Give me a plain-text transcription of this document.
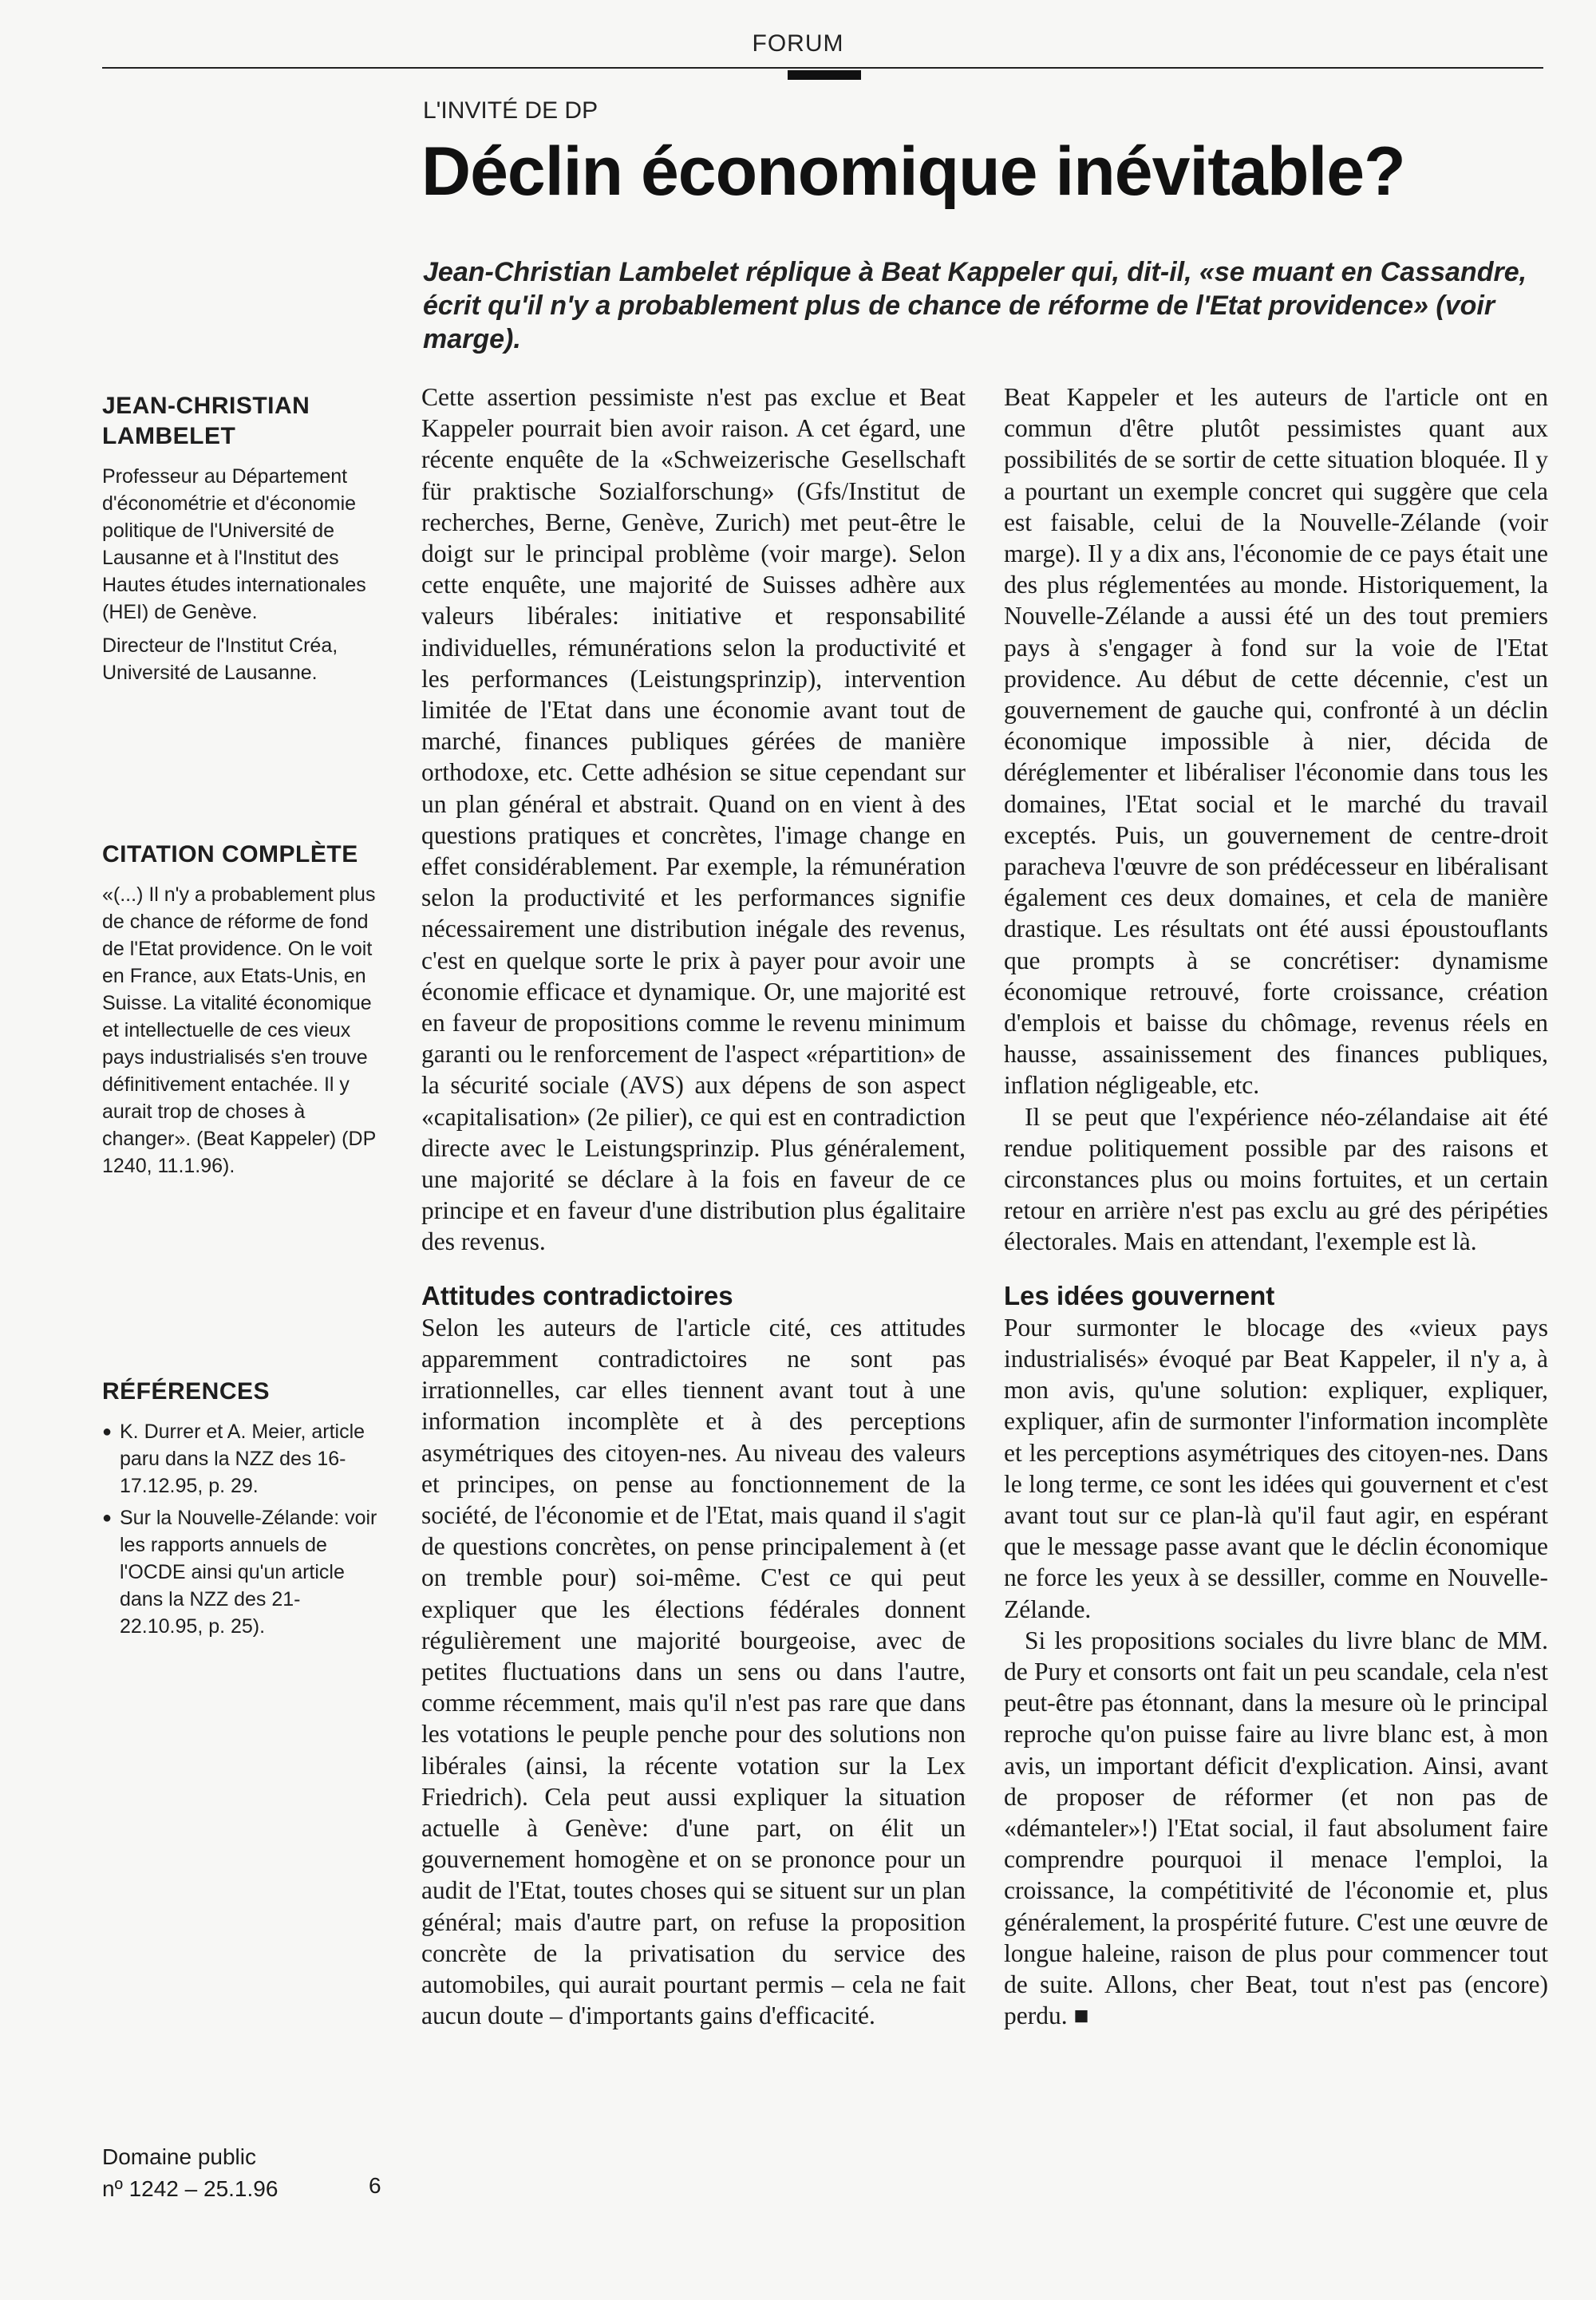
FORUM
L'INVITÉ DE DP
Déclin économique inévitable?

Jean-Christian Lambelet réplique à Beat Kappeler qui, dit-il, «se muant en Cassandre, écrit qu'il n'y a probablement plus de chance de réforme de l'Etat providence» (voir marge).

JEAN-CHRISTIAN LAMBELET

Professeur au Département d'économétrie et d'économie politique de l'Université de Lausanne et à l'Institut des Hautes études internationales (HEI) de Genève.

Directeur de l'Institut Créa, Université de Lausanne.

CITATION COMPLÈTE

«(...) Il n'y a probablement plus de chance de réforme de fond de l'Etat providence. On le voit en France, aux Etats-Unis, en Suisse. La vitalité économique et intellectuelle de ces vieux pays industrialisés s'en trouve définitivement entachée. Il y aurait trop de choses à changer». (Beat Kappeler) (DP 1240, 11.1.96).

RÉFÉRENCES
● K. Durrer et A. Meier, article paru dans la NZZ des 16-17.12.95, p. 29.
● Sur la Nouvelle-Zélande: voir les rapports annuels de l'OCDE ainsi qu'un article dans la NZZ des 21-22.10.95, p. 25).
Domaine public
nº 1242 – 25.1.96	6

Cette assertion pessimiste n'est pas exclue et Beat Kappeler pourrait bien avoir raison. A cet égard, une récente enquête de la «Schweizerische Gesellschaft für praktische Sozialforschung» (Gfs/Institut de recherches, Berne, Genève, Zurich) met peut-être le doigt sur le principal problème (voir marge). Selon cette enquête, une majorité de Suisses adhère aux valeurs libérales: initiative et responsabilité individuelles, rémunérations selon la productivité et les performances (Leistungsprinzip), intervention limitée de l'Etat dans une économie avant tout de marché, finances publiques gérées de manière orthodoxe, etc. Cette adhésion se situe cependant sur un plan général et abstrait. Quand on en vient à des questions pratiques et concrètes, l'image change en effet considérablement. Par exemple, la rémunération selon la productivité et les performances signifie nécessairement une distribution inégale des revenus, c'est en quelque sorte le prix à payer pour avoir une économie efficace et dynamique. Or, une majorité est en faveur de propositions comme le revenu minimum garanti ou le renforcement de l'aspect «répartition» de la sécurité sociale (AVS) aux dépens de son aspect «capitalisation» (2e pilier), ce qui est en contradiction directe avec le Leistungsprinzip. Plus généralement, une majorité se déclare à la fois en faveur de ce principe et en faveur d'une distribution plus égalitaire des revenus.

Attitudes contradictoires

Selon les auteurs de l'article cité, ces attitudes apparemment contradictoires ne sont pas irrationnelles, car elles tiennent avant tout à une information incomplète et à des perceptions asymétriques des citoyen-nes. Au niveau des valeurs et principes, on pense au fonctionnement de la société, de l'économie et de l'Etat, mais quand il s'agit de questions concrètes, on pense principalement à (et on tremble pour) soi-même. C'est ce qui peut expliquer que les élections fédérales donnent régulièrement une majorité bourgeoise, avec de petites fluctuations dans un sens ou dans l'autre, comme récemment, mais qu'il n'est pas rare que dans les votations le peuple penche pour des solutions non libérales (ainsi, la récente votation sur la Lex Friedrich). Cela peut aussi expliquer la situation actuelle à Genève: d'une part, on élit un gouvernement homogène et on se prononce pour un audit de l'Etat, toutes choses qui se situent sur un plan général; mais d'autre part, on refuse la proposition concrète de la privatisation du service des automobiles, qui aurait pourtant permis – cela ne fait aucun doute – d'importants gains d'efficacité.

Beat Kappeler et les auteurs de l'article ont en commun d'être plutôt pessimistes quant aux possibilités de se sortir de cette situation bloquée. Il y a pourtant un exemple concret qui suggère que cela est faisable, celui de la Nouvelle-Zélande (voir marge). Il y a dix ans, l'économie de ce pays était une des plus réglementées au monde. Historiquement, la Nouvelle-Zélande a aussi été un des tout premiers pays à s'engager à fond sur la voie de l'Etat providence. Au début de cette décennie, c'est un gouvernement de gauche qui, confronté à un déclin économique impossible à nier, décida de déréglementer et libéraliser l'économie dans tous les domaines, l'Etat social et le marché du travail exceptés. Puis, un gouvernement de centre-droit paracheva l'œuvre de son prédécesseur en libéralisant également ces deux domaines, et cela de manière drastique. Les résultats ont été aussi époustouflants que prompts à se concrétiser: dynamisme économique retrouvé, forte croissance, création d'emplois et baisse du chômage, revenus réels en hausse, assainissement des finances publiques, inflation négligeable, etc.

Il se peut que l'expérience néo-zélandaise ait été rendue politiquement possible par des raisons et circonstances plus ou moins fortuites, et un certain retour en arrière n'est pas exclu au gré des péripéties électorales. Mais en attendant, l'exemple est là.

Les idées gouvernent

Pour surmonter le blocage des «vieux pays industrialisés» évoqué par Beat Kappeler, il n'y a, à mon avis, qu'une solution: expliquer, expliquer, expliquer, afin de surmonter l'information incomplète et les perceptions asymétriques des citoyen-nes. Dans le long terme, ce sont les idées qui gouvernent et c'est avant tout sur ce plan-là qu'il faut agir, en espérant que le message passe avant que le déclin économique ne force les yeux à se dessiller, comme en Nouvelle-Zélande.

Si les propositions sociales du livre blanc de MM. de Pury et consorts ont fait un peu scandale, cela n'est peut-être pas étonnant, dans la mesure où le principal reproche qu'on puisse faire au livre blanc est, à mon avis, un important déficit d'explication. Ainsi, avant de proposer de réformer (et non pas de «démanteler»!) l'Etat social, il faut absolument faire comprendre pourquoi il menace l'emploi, la croissance, la compétitivité de l'économie et, plus généralement, la prospérité future. C'est une œuvre de longue haleine, raison de plus pour commencer tout de suite. Allons, cher Beat, tout n'est pas (encore) perdu. ■
